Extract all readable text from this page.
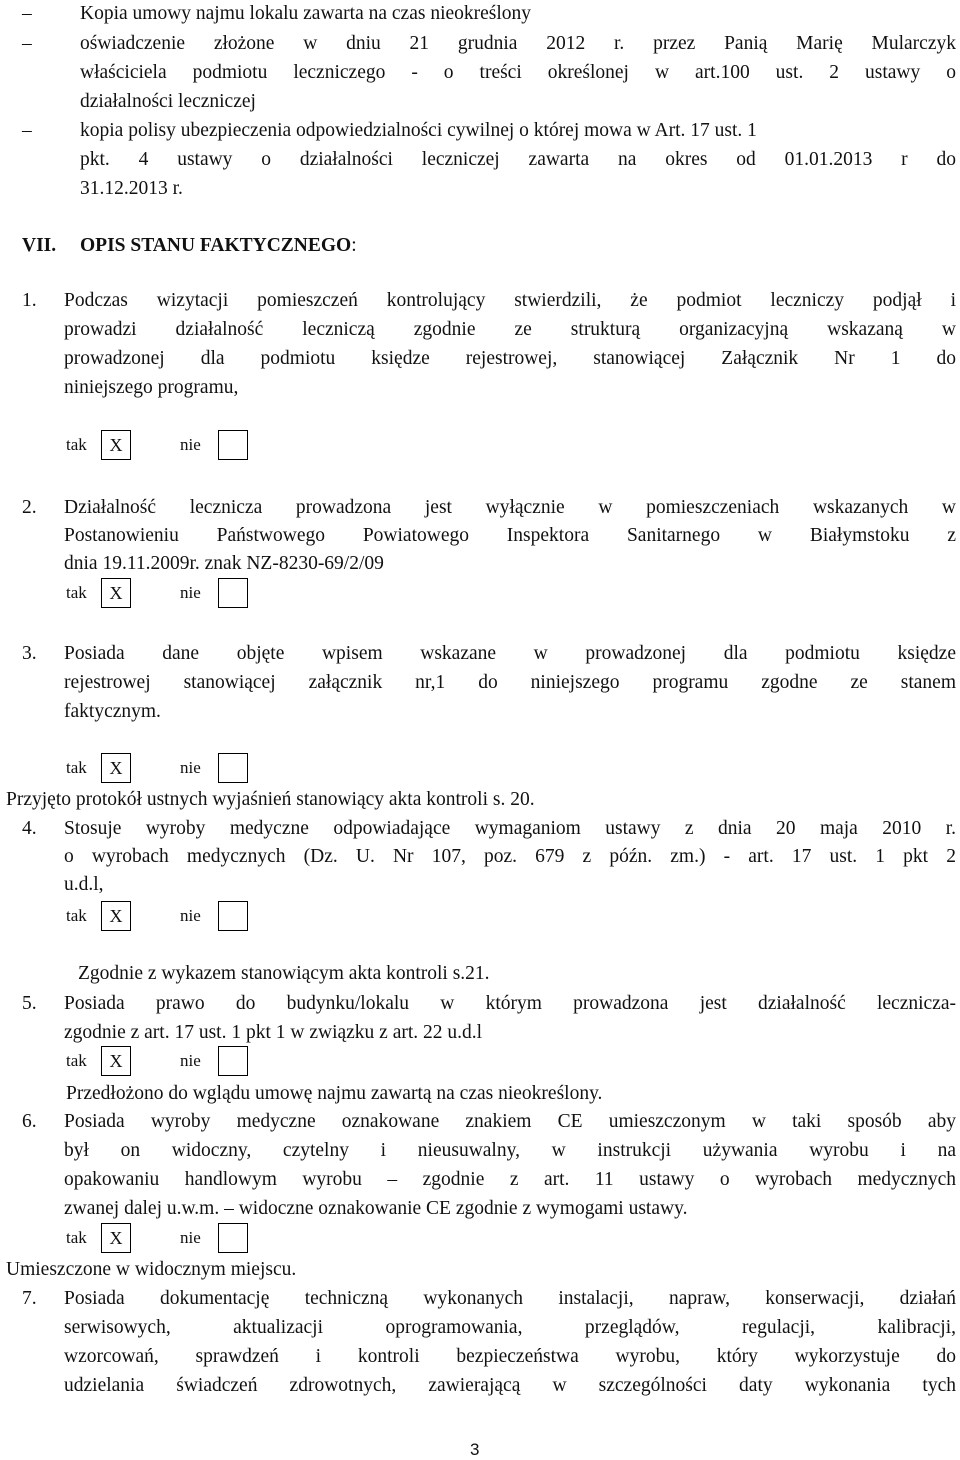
– Kopia umowy najmu lokalu zawarta na czas nieokreślony
– oświadczenie złożone w dniu 21 grudnia 2012 r. przez Panią Marię Mularczyk
właściciela podmiotu leczniczego - o treści określonej w art.100 ust. 2 ustawy o
działalności leczniczej
– kopia polisy ubezpieczenia odpowiedzialności cywilnej o której mowa w Art. 17 ust. 1
pkt. 4 ustawy o działalności leczniczej zawarta na okres od 01.01.2013 r do
31.12.2013 r.
VII. OPIS STANU FAKTYCZNEGO:
1. Podczas wizytacji pomieszczeń kontrolujący stwierdzili, że podmiot leczniczy podjął i
prowadzi działalność leczniczą zgodnie ze strukturą organizacyjną wskazaną w
prowadzonej dla podmiotu księdze rejestrowej, stanowiącej Załącznik Nr 1 do
niniejszego programu,
tak	X	nie
2. Działalność lecznicza prowadzona jest wyłącznie w pomieszczeniach wskazanych w
Postanowieniu Państwowego Powiatowego Inspektora Sanitarnego w Białymstoku z
dnia 19.11.2009r. znak NZ-8230-69/2/09
tak	X	nie
3. Posiada dane objęte wpisem wskazane w prowadzonej dla podmiotu księdze
rejestrowej stanowiącej załącznik nr,1 do niniejszego programu zgodne ze stanem
faktycznym.
tak	X	nie
Przyjęto protokół ustnych wyjaśnień stanowiący akta kontroli s. 20.
4. Stosuje wyroby medyczne odpowiadające wymaganiom ustawy z dnia 20 maja 2010 r.
o wyrobach medycznych (Dz. U. Nr 107, poz. 679 z późn. zm.) - art. 17 ust. 1 pkt 2
u.d.l,
tak	X	nie
Zgodnie z wykazem stanowiącym akta kontroli s.21.
5. Posiada prawo do budynku/lokalu w którym prowadzona jest działalność lecznicza-
zgodnie z art. 17 ust. 1 pkt 1 w związku z art. 22 u.d.l
tak	X	nie
Przedłożono do wglądu umowę najmu zawartą na czas nieokreślony.
6. Posiada wyroby medyczne oznakowane znakiem CE umieszczonym w taki sposób aby
był on widoczny, czytelny i nieusuwalny, w instrukcji używania wyrobu i na
opakowaniu handlowym wyrobu – zgodnie z art. 11 ustawy o wyrobach medycznych
zwanej dalej u.w.m. – widoczne oznakowanie CE zgodnie z wymogami ustawy.
tak	X	nie
Umieszczone w widocznym miejscu.
7. Posiada dokumentację techniczną wykonanych instalacji, napraw, konserwacji, działań
serwisowych, aktualizacji oprogramowania, przeglądów, regulacji, kalibracji,
wzorcowań, sprawdzeń i kontroli bezpieczeństwa wyrobu, który wykorzystuje do
udzielania świadczeń zdrowotnych, zawierającą w szczególności daty wykonania tych
3
